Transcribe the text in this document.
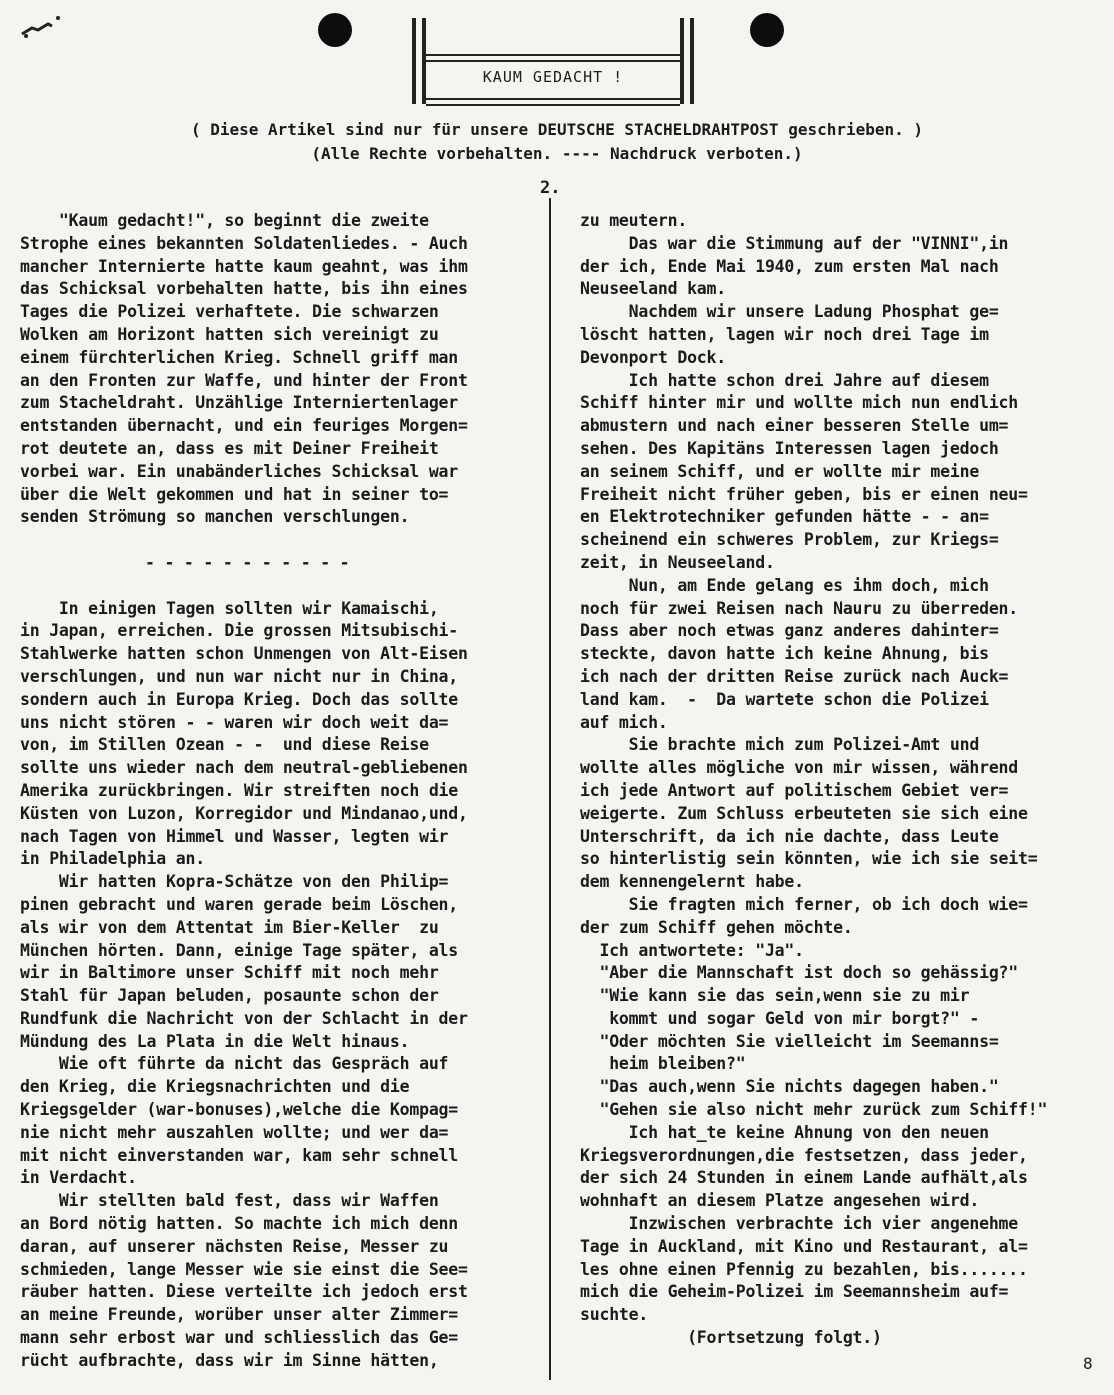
KAUM GEDACHT !
( Diese Artikel sind nur für unsere DEUTSCHE STACHELDRAHTPOST geschrieben. )
(Alle Rechte vorbehalten. ---- Nachdruck verboten.)
2.
"Kaum gedacht!", so beginnt die zweite
Strophe eines bekannten Soldatenliedes. - Auch
mancher Internierte hatte kaum geahnt, was ihm
das Schicksal vorbehalten hatte, bis ihn eines
Tages die Polizei verhaftete. Die schwarzen
Wolken am Horizont hatten sich vereinigt zu
einem fürchterlichen Krieg. Schnell griff man
an den Fronten zur Waffe, und hinter der Front
zum Stacheldraht. Unzählige Interniertenlager
entstanden übernacht, und ein feuriges Morgen=
rot deutete an, dass es mit Deiner Freiheit
vorbei war. Ein unabänderliches Schicksal war
über die Welt gekommen und hat in seiner to=
senden Strömung so manchen verschlungen.
- - - - - - - - - - -
In einigen Tagen sollten wir Kamaischi,
in Japan, erreichen. Die grossen Mitsubischi-
Stahlwerke hatten schon Unmengen von Alt-Eisen
verschlungen, und nun war nicht nur in China,
sondern auch in Europa Krieg. Doch das sollte
uns nicht stören - - waren wir doch weit da=
von, im Stillen Ozean - -  und diese Reise
sollte uns wieder nach dem neutral-gebliebenen
Amerika zurückbringen. Wir streiften noch die
Küsten von Luzon, Korregidor und Mindanao,und,
nach Tagen von Himmel und Wasser, legten wir
in Philadelphia an.
Wir hatten Kopra-Schätze von den Philip=
pinen gebracht und waren gerade beim Löschen,
als wir von dem Attentat im Bier-Keller  zu
München hörten. Dann, einige Tage später, als
wir in Baltimore unser Schiff mit noch mehr
Stahl für Japan beluden, posaunte schon der
Rundfunk die Nachricht von der Schlacht in der
Mündung des La Plata in die Welt hinaus.
Wie oft führte da nicht das Gespräch auf
den Krieg, die Kriegsnachrichten und die
Kriegsgelder (war-bonuses),welche die Kompag=
nie nicht mehr auszahlen wollte; und wer da=
mit nicht einverstanden war, kam sehr schnell
in Verdacht.
Wir stellten bald fest, dass wir Waffen
an Bord nötig hatten. So machte ich mich denn
daran, auf unserer nächsten Reise, Messer zu
schmieden, lange Messer wie sie einst die See=
räuber hatten. Diese verteilte ich jedoch erst
an meine Freunde, worüber unser alter Zimmer=
mann sehr erbost war und schliesslich das Ge=
rücht aufbrachte, dass wir im Sinne hätten,
zu meutern.
Das war die Stimmung auf der "VINNI",in
der ich, Ende Mai 1940, zum ersten Mal nach
Neuseeland kam.
Nachdem wir unsere Ladung Phosphat ge=
löscht hatten, lagen wir noch drei Tage im
Devonport Dock.
Ich hatte schon drei Jahre auf diesem
Schiff hinter mir und wollte mich nun endlich
abmustern und nach einer besseren Stelle um=
sehen. Des Kapitäns Interessen lagen jedoch
an seinem Schiff, und er wollte mir meine
Freiheit nicht früher geben, bis er einen neu=
en Elektrotechniker gefunden hätte - - an=
scheinend ein schweres Problem, zur Kriegs=
zeit, in Neuseeland.
Nun, am Ende gelang es ihm doch, mich
noch für zwei Reisen nach Nauru zu überreden.
Dass aber noch etwas ganz anderes dahinter=
steckte, davon hatte ich keine Ahnung, bis
ich nach der dritten Reise zurück nach Auck=
land kam.  -  Da wartete schon die Polizei
auf mich.
Sie brachte mich zum Polizei-Amt und
wollte alles mögliche von mir wissen, während
ich jede Antwort auf politischem Gebiet ver=
weigerte. Zum Schluss erbeuteten sie sich eine
Unterschrift, da ich nie dachte, dass Leute
so hinterlistig sein könnten, wie ich sie seit=
dem kennengelernt habe.
Sie fragten mich ferner, ob ich doch wie=
der zum Schiff gehen möchte.
Ich antwortete: "Ja".
"Aber die Mannschaft ist doch so gehässig?"
"Wie kann sie das sein,wenn sie zu mir
kommt und sogar Geld von mir borgt?" -
"Oder möchten Sie vielleicht im Seemanns=
heim bleiben?"
"Das auch,wenn Sie nichts dagegen haben."
"Gehen sie also nicht mehr zurück zum Schiff!"
Ich hat_te keine Ahnung von den neuen
Kriegsverordnungen,die festsetzen, dass jeder,
der sich 24 Stunden in einem Lande aufhält,als
wohnhaft an diesem Platze angesehen wird.
Inzwischen verbrachte ich vier angenehme
Tage in Auckland, mit Kino und Restaurant, al=
les ohne einen Pfennig zu bezahlen, bis.......
mich die Geheim-Polizei im Seemannsheim auf=
suchte.
(Fortsetzung folgt.)
8
